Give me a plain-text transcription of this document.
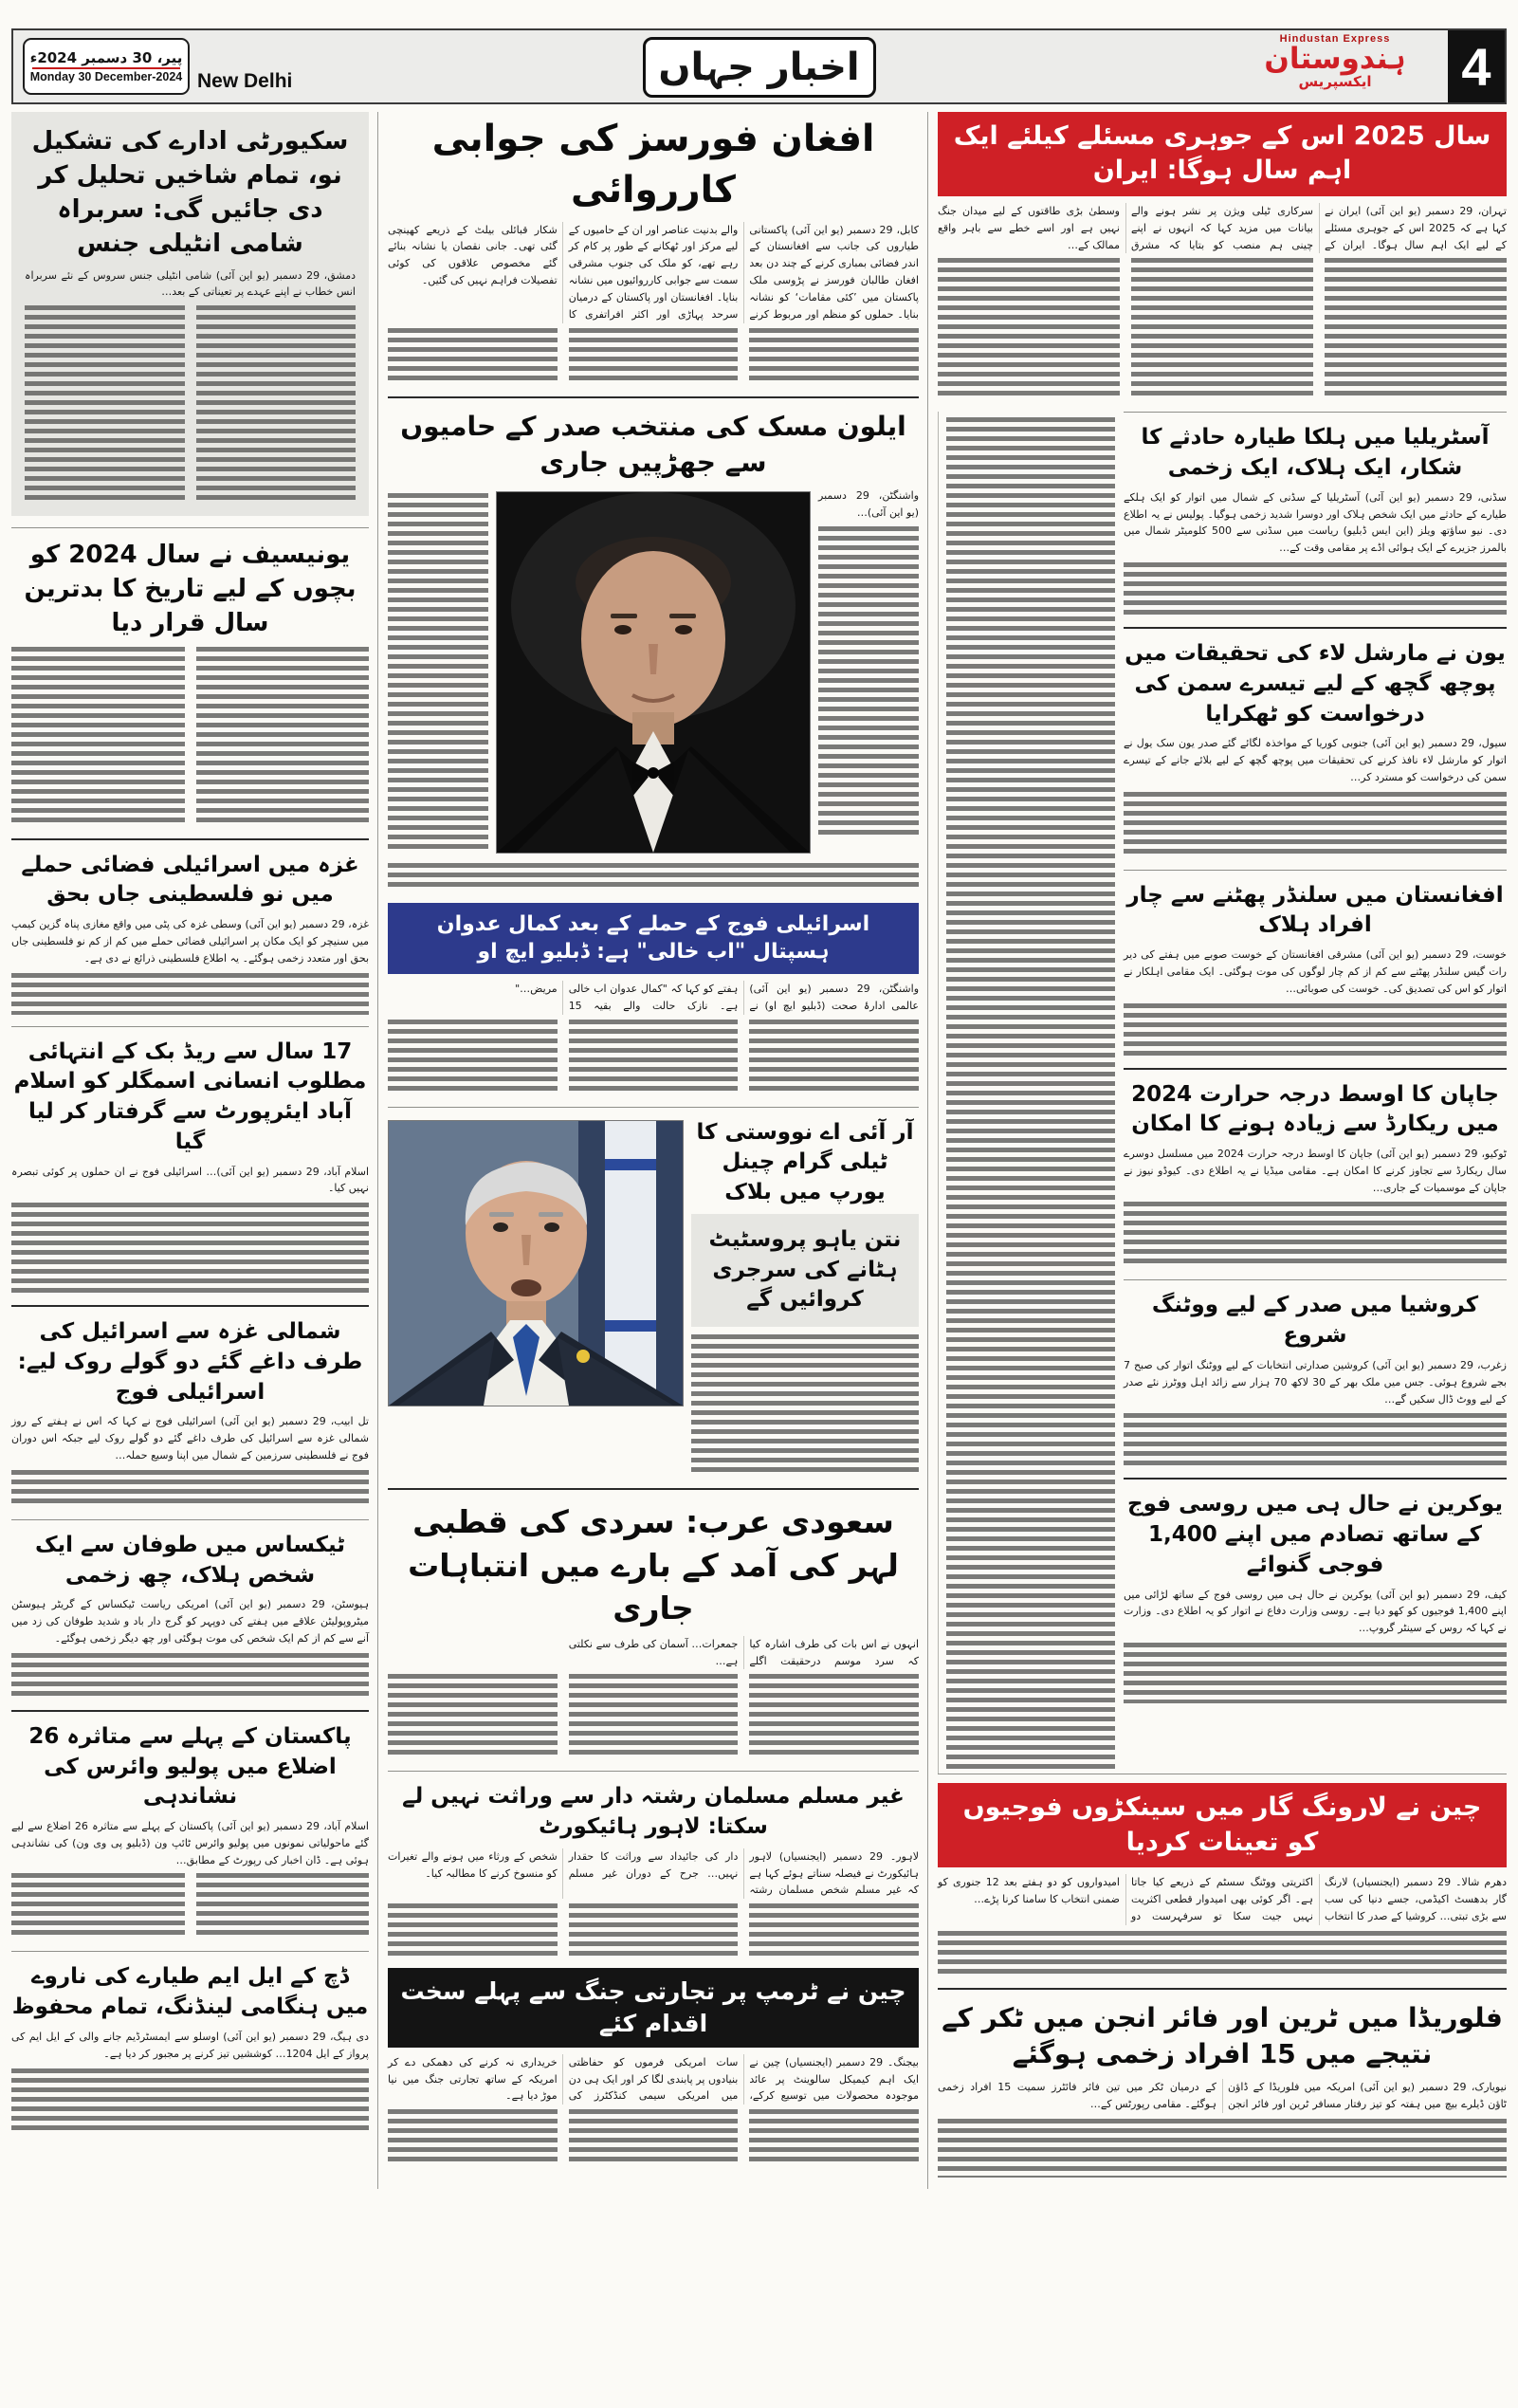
پیر، 30 دسمبر 2024ء
Monday 30 December-2024 New Delhi	اخبار جہاں
Hindustan Express
ہندوستان
ایکسپریس	4
سال 2025 اس کے جوہری مسئلے کیلئے ایک اہم سال ہوگا: ایران
تہران، 29 دسمبر (یو این آئی) ایران نے کہا ہے کہ 2025 اس کے جوہری مسئلے کے لیے ایک اہم سال ہوگا۔ ایران کے سرکاری ٹیلی ویژن پر نشر ہونے والے بیانات میں مزید کہا کہ انہوں نے اپنے چینی ہم منصب کو بتایا کہ مشرق وسطیٰ بڑی طاقتوں کے لیے میدان جنگ نہیں ہے اور اسے خطے سے باہر واقع ممالک کے…
آسٹریلیا میں ہلکا طیارہ حادثے کا شکار، ایک ہلاک، ایک زخمی
سڈنی، 29 دسمبر (یو این آئی) آسٹریلیا کے سڈنی کے شمال میں اتوار کو ایک ہلکے طیارے کے حادثے میں ایک شخص ہلاک اور دوسرا شدید زخمی ہوگیا۔ پولیس نے یہ اطلاع دی۔ نیو ساؤتھ ویلز (این ایس ڈبلیو) ریاست میں سڈنی سے 500 کلومیٹر شمال میں بالمرز جزیرے کے ایک ہوائی اڈے پر مقامی وقت کے…
یون نے مارشل لاء کی تحقیقات میں پوچھ گچھ کے لیے تیسرے سمن کی درخواست کو ٹھکرایا
سیول، 29 دسمبر (یو این آئی) جنوبی کوریا کے مواخذہ لگائے گئے صدر یون سک یول نے اتوار کو مارشل لاء نافذ کرنے کی تحقیقات میں پوچھ گچھ کے لیے بلائے جانے کے تیسرے سمن کی درخواست کو مسترد کر…
افغانستان میں سلنڈر پھٹنے سے چار افراد ہلاک
خوست، 29 دسمبر (یو این آئی) مشرقی افغانستان کے خوست صوبے میں ہفتے کی دیر رات گیس سلنڈر پھٹنے سے کم از کم چار لوگوں کی موت ہوگئی۔ ایک مقامی اہلکار نے اتوار کو اس کی تصدیق کی۔ خوست کی صوبائی…
جاپان کا اوسط درجہ حرارت 2024 میں ریکارڈ سے زیادہ ہونے کا امکان
ٹوکیو، 29 دسمبر (یو این آئی) جاپان کا اوسط درجہ حرارت 2024 میں مسلسل دوسرے سال ریکارڈ سے تجاوز کرنے کا امکان ہے۔ مقامی میڈیا نے یہ اطلاع دی۔ کیوڈو نیوز نے جاپان کے موسمیات کے جاری…
کروشیا میں صدر کے لیے ووٹنگ شروع
زغرب، 29 دسمبر (یو این آئی) کروشین صدارتی انتخابات کے لیے ووٹنگ اتوار کی صبح 7 بجے شروع ہوئی۔ جس میں ملک بھر کے 30 لاکھ 70 ہزار سے زائد اہل ووٹرز نئے صدر کے لیے ووٹ ڈال سکیں گے…
یوکرین نے حال ہی میں روسی فوج کے ساتھ تصادم میں اپنے 1,400 فوجی گنوائے
کیف، 29 دسمبر (یو این آئی) یوکرین نے حال ہی میں روسی فوج کے ساتھ لڑائی میں اپنے 1,400 فوجیوں کو کھو دیا ہے۔ روسی وزارت دفاع نے اتوار کو یہ اطلاع دی۔ وزارت نے کہا کہ روس کے سینٹر گروپ…
چین نے لارونگ گار میں سینکڑوں فوجیوں کو تعینات کردیا
دھرم شالا۔ 29 دسمبر (ایجنسیاں) لارنگ گار بدھسٹ اکیڈمی، جسے دنیا کی سب سے بڑی تبتی… کروشیا کے صدر کا انتخاب اکثریتی ووٹنگ سسٹم کے ذریعے کیا جاتا ہے۔ اگر کوئی بھی امیدوار قطعی اکثریت نہیں جیت سکا تو سرفہرست دو امیدواروں کو دو ہفتے بعد 12 جنوری کو ضمنی انتخاب کا سامنا کرنا پڑے…
فلوریڈا میں ٹرین اور فائر انجن میں ٹکر کے نتیجے میں 15 افراد زخمی ہوگئے
نیویارک، 29 دسمبر (یو این آئی) امریکہ میں فلوریڈا کے ڈاؤن ٹاؤن ڈیلرے بیچ میں ہفتہ کو تیز رفتار مسافر ٹرین اور فائر انجن کے درمیان ٹکر میں تین فائر فائٹرز سمیت 15 افراد زخمی ہوگئے۔ مقامی رپورٹس کے…
افغان فورسز کی جوابی کارروائی
کابل، 29 دسمبر (یو این آئی) پاکستانی طیاروں کی جانب سے افغانستان کے اندر فضائی بمباری کرنے کے چند دن بعد افغان طالبان فورسز نے پڑوسی ملک پاکستان میں ’کئی مقامات‘ کو نشانہ بنایا۔ حملوں کو منظم اور مربوط کرنے والے بدنیت عناصر اور ان کے حامیوں کے لیے مرکز اور ٹھکانے کے طور پر کام کر رہے تھے، کو ملک کی جنوب مشرقی سمت سے جوابی کارروائیوں میں نشانہ بنایا۔ افغانستان اور پاکستان کے درمیان سرحد پہاڑی اور اکثر افراتفری کا شکار قبائلی بیلٹ کے ذریعے کھینچی گئی تھی۔ جانی نقصان یا نشانہ بنائے گئے مخصوص علاقوں کی کوئی تفصیلات فراہم نہیں کی گئیں۔
ایلون مسک کی منتخب صدر کے حامیوں سے جھڑپیں جاری
واشنگٹن، 29 دسمبر (یو این آئی)…
اسرائیلی فوج کے حملے کے بعد کمال عدوان ہسپتال "اب خالی" ہے: ڈبلیو ایچ او
واشنگٹن، 29 دسمبر (یو این آئی) عالمی ادارۂ صحت (ڈبلیو ایچ او) نے ہفتے کو کہا کہ "کمال عدوان اب خالی ہے۔ نازک حالت والے بقیہ 15 مریض…"
آر آئی اے نووستی کا ٹیلی گرام چینل یورپ میں بلاک
نتن یاہو پروسٹیٹ ہٹانے کی سرجری کروائیں گے
سعودی عرب: سردی کی قطبی لہر کی آمد کے بارے میں انتباہات جاری
انہوں نے اس بات کی طرف اشارہ کیا کہ سرد موسم درحقیقت اگلے جمعرات… آسمان کی طرف سے نکلتی ہے…
غیر مسلم مسلمان رشتہ دار سے وراثت نہیں لے سکتا: لاہور ہائیکورٹ
لاہور۔ 29 دسمبر (ایجنسیاں) لاہور ہائیکورٹ نے فیصلہ سناتے ہوئے کہا ہے کہ غیر مسلم شخص مسلمان رشتہ دار کی جائیداد سے وراثت کا حقدار نہیں… جرح کے دوران غیر مسلم شخص کے ورثاء میں ہونے والے تغیرات کو منسوخ کرنے کا مطالبہ کیا۔
چین نے ٹرمپ پر تجارتی جنگ سے پہلے سخت اقدام کئے
بیجنگ۔ 29 دسمبر (ایجنسیاں) چین نے ایک اہم کیمیکل سالوینٹ پر عائد موجودہ محصولات میں توسیع کرکے، سات امریکی فرموں کو حفاظتی بنیادوں پر پابندی لگا کر اور ایک ہی دن میں امریکی سیمی کنڈکٹرز کی خریداری نہ کرنے کی دھمکی دے کر امریکہ کے ساتھ تجارتی جنگ میں نیا موڑ دیا ہے۔
سکیورٹی ادارے کی تشکیل نو، تمام شاخیں تحلیل کر دی جائیں گی: سربراہ شامی انٹیلی جنس
دمشق، 29 دسمبر (یو این آئی) شامی انٹیلی جنس سروس کے نئے سربراہ انس خطاب نے اپنے عہدے پر تعیناتی کے بعد…
یونیسیف نے سال 2024 کو بچوں کے لیے تاریخ کا بدترین سال قرار دیا
غزہ میں اسرائیلی فضائی حملے میں نو فلسطینی جاں بحق
غزہ، 29 دسمبر (یو این آئی) وسطی غزہ کی پٹی میں واقع مغازی پناہ گزین کیمپ میں سنیچر کو ایک مکان پر اسرائیلی فضائی حملے میں کم از کم نو فلسطینی جاں بحق اور متعدد زخمی ہوگئے۔ یہ اطلاع فلسطینی ذرائع نے دی ہے۔
17 سال سے ریڈ بک کے انتہائی مطلوب انسانی اسمگلر کو اسلام آباد ایئرپورٹ سے گرفتار کر لیا گیا
اسلام آباد، 29 دسمبر (یو این آئی)… اسرائیلی فوج نے ان حملوں پر کوئی تبصرہ نہیں کیا۔
شمالی غزہ سے اسرائیل کی طرف داغے گئے دو گولے روک لیے: اسرائیلی فوج
تل ابیب، 29 دسمبر (یو این آئی) اسرائیلی فوج نے کہا کہ اس نے ہفتے کے روز شمالی غزہ سے اسرائیل کی طرف داغے گئے دو گولے روک لیے جبکہ اس دوران فوج نے فلسطینی سرزمین کے شمال میں اپنا وسیع حملہ…
ٹیکساس میں طوفان سے ایک شخص ہلاک، چھ زخمی
ہیوسٹن، 29 دسمبر (یو این آئی) امریکی ریاست ٹیکساس کے گریٹر ہیوسٹن میٹروپولیٹن علاقے میں ہفتے کی دوپہر کو گرج دار باد و شدید طوفان کی زد میں آنے سے کم از کم ایک شخص کی موت ہوگئی اور چھ دیگر زخمی ہوگئے۔
پاکستان کے پہلے سے متاثرہ 26 اضلاع میں پولیو وائرس کی نشاندہی
اسلام آباد، 29 دسمبر (یو این آئی) پاکستان کے پہلے سے متاثرہ 26 اضلاع سے لیے گئے ماحولیاتی نمونوں میں پولیو وائرس ٹائپ ون (ڈبلیو پی وی ون) کی نشاندہی ہوئی ہے۔ ڈان اخبار کی رپورٹ کے مطابق…
ڈچ کے ایل ایم طیارے کی ناروے میں ہنگامی لینڈنگ، تمام محفوظ
دی ہیگ، 29 دسمبر (یو این آئی) اوسلو سے ایمسٹرڈیم جانے والی کے ایل ایم کی پرواز کے ایل 1204… کوششیں تیز کرنے پر مجبور کر دیا ہے۔
